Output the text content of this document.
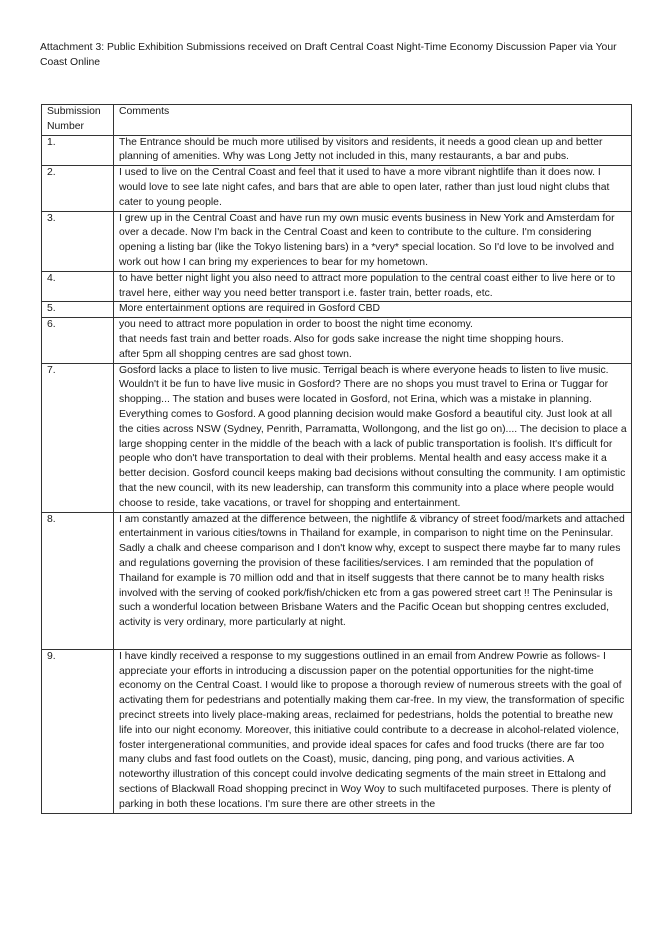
Attachment 3: Public Exhibition Submissions received on Draft Central Coast Night-Time Economy Discussion Paper via Your Coast Online
Submission Number	Comments
1.	The Entrance should be much more utilised by visitors and residents, it needs a good clean up and better planning of amenities. Why was Long Jetty not included in this, many restaurants, a bar and pubs.
2.	I used to live on the Central Coast and feel that it used to have a more vibrant nightlife than it does now. I would love to see late night cafes, and bars that are able to open later, rather than just loud night clubs that cater to young people.
3.	I grew up in the Central Coast and have run my own music events business in New York and Amsterdam for over a decade. Now I'm back in the Central Coast and keen to contribute to the culture. I'm considering opening a listing bar (like the Tokyo listening bars) in a *very* special location. So I'd love to be involved and work out how I can bring my experiences to bear for my hometown.
4.	to have better night light you also need to attract more population to the central coast either to live here or to travel here, either way you need better transport i.e. faster train, better roads, etc.
5.	More entertainment options are required in Gosford CBD
6.	you need to attract more population in order to boost the night time economy.
that needs fast train and better roads. Also for gods sake increase the night time shopping hours.
after 5pm all shopping centres are sad ghost town.

7.	Gosford lacks a place to listen to live music. Terrigal beach is where everyone heads to listen to live music. Wouldn't it be fun to have live music in Gosford? There are no shops you must travel to Erina or Tuggar for shopping... The station and buses were located in Gosford, not Erina, which was a mistake in planning. Everything comes to Gosford. A good planning decision would make Gosford a beautiful city. Just look at all the cities across NSW (Sydney, Penrith, Parramatta, Wollongong, and the list go on).... The decision to place a large shopping center in the middle of the beach with a lack of public transportation is foolish. It's difficult for people who don't have transportation to deal with their problems. Mental health and easy access make it a better decision. Gosford council keeps making bad decisions without consulting the community. I am optimistic that the new council, with its new leadership, can transform this community into a place where people would choose to reside, take vacations, or travel for shopping and entertainment.
8.	I am constantly amazed at the difference between, the nightlife & vibrancy of street food/markets and attached entertainment in various cities/towns in Thailand for example, in comparison to night time on the Peninsular. Sadly a chalk and cheese comparison and I don't know why, except to suspect there maybe far to many rules and regulations governing the provision of these facilities/services. I am reminded that the population of Thailand for example is 70 million odd and that in itself suggests that there cannot be to many health risks involved with the serving of cooked pork/fish/chicken etc from a gas powered street cart !! The Peninsular is such a wonderful location between Brisbane Waters and the Pacific Ocean but shopping centres excluded, activity is very ordinary, more particularly at night.
9.	I have kindly received a response to my suggestions outlined in an email from Andrew Powrie as follows- I appreciate your efforts in introducing a discussion paper on the potential opportunities for the night-time economy on the Central Coast. I would like to propose a thorough review of numerous streets with the goal of activating them for pedestrians and potentially making them car-free. In my view, the transformation of specific precinct streets into lively place-making areas, reclaimed for pedestrians, holds the potential to breathe new life into our night economy. Moreover, this initiative could contribute to a decrease in alcohol-related violence, foster intergenerational communities, and provide ideal spaces for cafes and food trucks (there are far too many clubs and fast food outlets on the Coast), music, dancing, ping pong, and various activities. A noteworthy illustration of this concept could involve dedicating segments of the main street in Ettalong and sections of Blackwall Road shopping precinct in Woy Woy to such multifaceted purposes. There is plenty of parking in both these locations. I'm sure there are other streets in the
